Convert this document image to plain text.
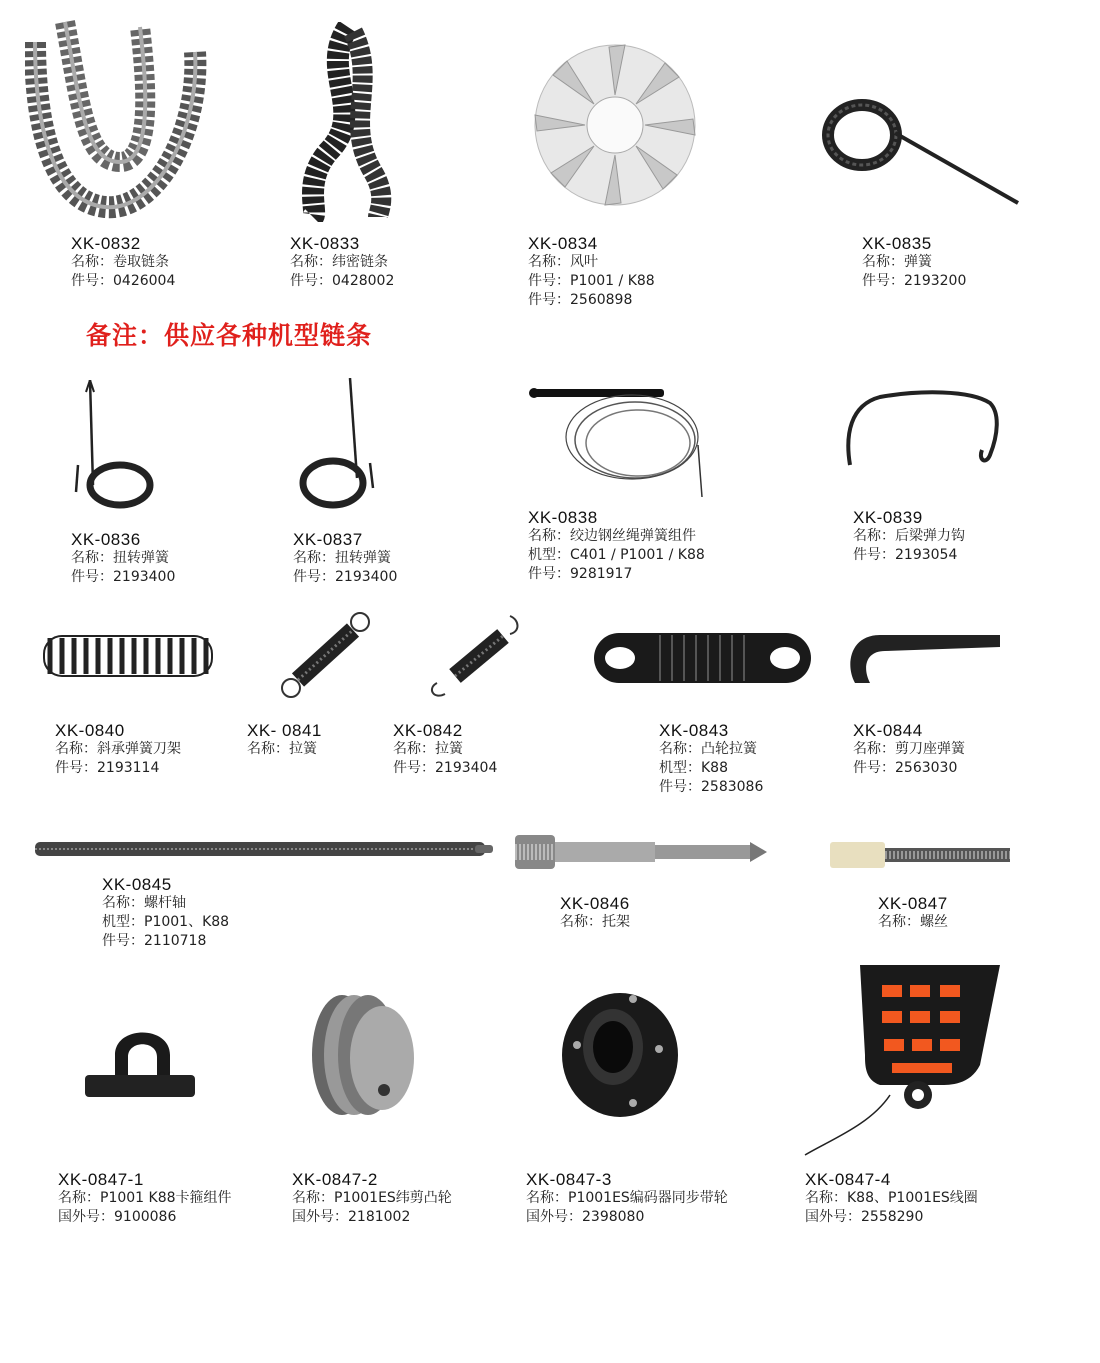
备注：供应各种机型链条
XK-0832
名称：卷取链条
件号：0426004
XK-0833
名称：纬密链条
件号：0428002
XK-0834
名称：风叶
件号：P1001 / K88
件号：2560898
XK-0835
名称：弹簧
件号：2193200
XK-0836
名称：扭转弹簧
件号：2193400
XK-0837
名称：扭转弹簧
件号：2193400
XK-0838
名称：绞边钢丝绳弹簧组件
机型：C401 / P1001 / K88
件号：9281917
XK-0839
名称：后梁弹力钩
件号：2193054
XK-0840
名称：斜承弹簧刀架
件号：2193114
XK- 0841
名称：拉簧
XK-0842
名称：拉簧
件号：2193404
XK-0843
名称：凸轮拉簧
机型：K88
件号：2583086
XK-0844
名称：剪刀座弹簧
件号：2563030
XK-0845
名称：螺杆轴
机型：P1001、K88
件号：2110718
XK-0846
名称：托架
XK-0847
名称：螺丝
XK-0847-1
名称：P1001 K88卡箍组件
国外号：9100086
XK-0847-2
名称：P1001ES纬剪凸轮
国外号：2181002
XK-0847-3
名称：P1001ES编码器同步带轮
国外号：2398080
XK-0847-4
名称：K88、P1001ES线圈
国外号：2558290
